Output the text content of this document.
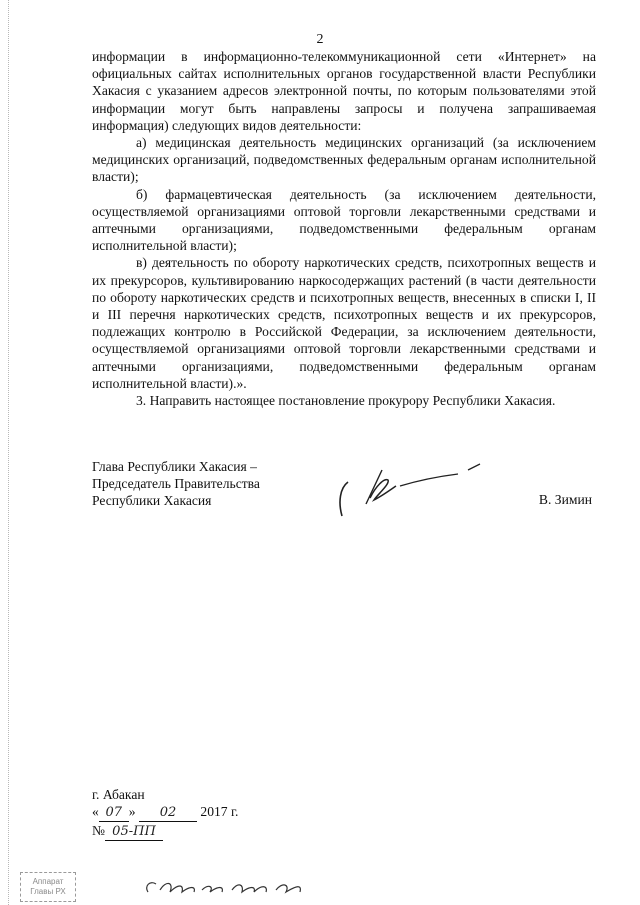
2

информации в информационно-телекоммуникационной сети «Интернет» на официальных сайтах исполнительных органов государственной власти Республики Хакасия с указанием адресов электронной почты, по которым пользователями этой информации могут быть направлены запросы и получена запрашиваемая информация) следующих видов деятельности:

а) медицинская деятельность медицинских организаций (за исключением медицинских организаций, подведомственных федеральным органам исполнительной власти);

б) фармацевтическая деятельность (за исключением деятельности, осуществляемой организациями оптовой торговли лекарственными средствами и аптечными организациями, подведомственными федеральным органам исполнительной власти);

в) деятельность по обороту наркотических средств, психотропных веществ и их прекурсоров, культивированию наркосодержащих растений (в части деятельности по обороту наркотических средств и психотропных веществ, внесенных в списки I, II и III перечня наркотических средств, психотропных веществ и их прекурсоров, подлежащих контролю в Российской Федерации, за исключением деятельности, осуществляемой организациями оптовой торговли лекарственными средствами и аптечными организациями, подведомственными федеральным органам исполнительной власти).».

3. Направить настоящее постановление прокурору Республики Хакасия.

Глава Республики Хакасия –
Председатель Правительства
Республики Хакасия	В. Зимин
г. Абакан
« 07 » 02 2017 г.
№ 05-ПП
Аппарат
Главы РХ
